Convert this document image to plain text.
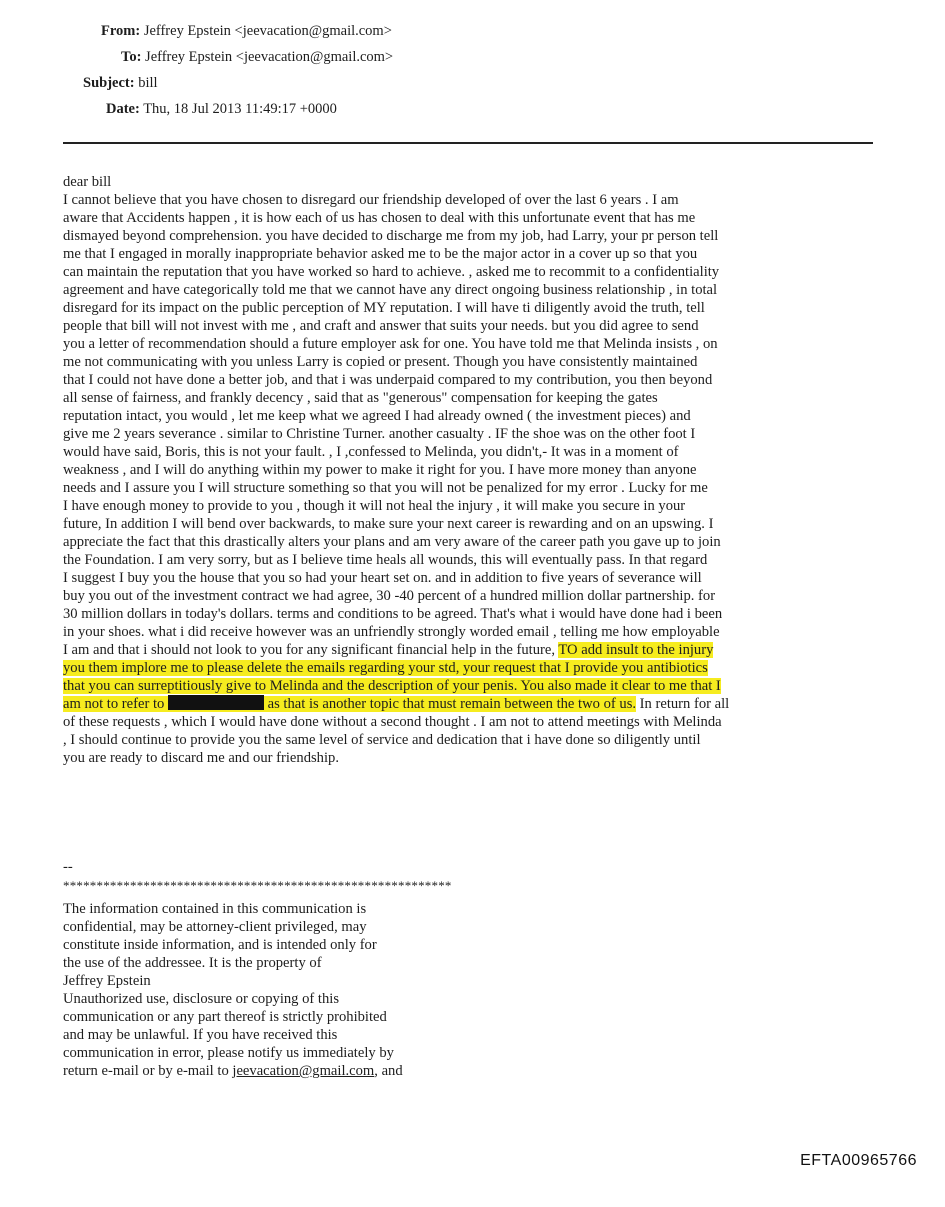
From: Jeffrey Epstein <jeevacation@gmail.com>
To: Jeffrey Epstein <jeevacation@gmail.com>
Subject: bill
Date: Thu, 18 Jul 2013 11:49:17 +0000
dear bill
I cannot believe that you have chosen to disregard our friendship developed of over the last 6 years . I am
aware that Accidents happen , it is how each of us has chosen to deal with this unfortunate event that has me
dismayed beyond comprehension. you have decided to discharge me from my job, had Larry, your pr person tell
me that I engaged in morally inappropriate behavior asked me to be the major actor in a cover up so that you
can maintain the reputation that you have worked so hard to achieve. , asked me to recommit to a confidentiality
agreement and have categorically told me that we cannot have any direct ongoing business relationship , in total
disregard for its impact on the public perception of MY reputation. I will have ti diligently avoid the truth, tell
people that bill will not invest with me , and craft and answer that suits your needs. but you did agree to send
you a letter of recommendation should a future employer ask for one. You have told me that Melinda insists , on
me not communicating with you unless Larry is copied or present. Though you have consistently maintained
that I could not have done a better job, and that i was underpaid compared to my contribution, you then beyond
all sense of fairness, and frankly decency , said that as "generous" compensation for keeping the gates
reputation intact, you would , let me keep what we agreed I had already owned ( the investment pieces) and
give me 2 years severance . similar to Christine Turner. another casualty . IF the shoe was on the other foot I
would have said, Boris, this is not your fault. , I ,confessed to Melinda, you didn't,- It was in a moment of
weakness , and I will do anything within my power to make it right for you. I have more money than anyone
needs and I assure you I will structure something so that you will not be penalized for my error . Lucky for me
I have enough money to provide to you , though it will not heal the injury , it will make you secure in your
future, In addition I will bend over backwards, to make sure your next career is rewarding and on an upswing. I
appreciate the fact that this drastically alters your plans and am very aware of the career path you gave up to join
the Foundation. I am very sorry, but as I believe time heals all wounds, this will eventually pass. In that regard
I suggest I buy you the house that you so had your heart set on. and in addition to five years of severance will
buy you out of the investment contract we had agree, 30 -40 percent of a hundred million dollar partnership. for
30 million dollars in today's dollars. terms and conditions to be agreed. That's what i would have done had i been
in your shoes. what i did receive however was an unfriendly strongly worded email , telling me how employable
I am and that i should not look to you for any significant financial help in the future, TO add insult to the injury
you them implore me to please delete the emails regarding your std, your request that I provide you antibiotics
that you can surreptitiously give to Melinda and the description of your penis. You also made it clear to me that I
am not to refer to	as that is another topic that must remain between the two of us. In return for all
of these requests , which I would have done without a second thought . I am not to attend meetings with Melinda
, I should continue to provide you the same level of service and dedication that i have done so diligently until
you are ready to discard me and our friendship.
--
**********************************************************
The information contained in this communication is
confidential, may be attorney-client privileged, may
constitute inside information, and is intended only for
the use of the addressee. It is the property of
Jeffrey Epstein
Unauthorized use, disclosure or copying of this
communication or any part thereof is strictly prohibited
and may be unlawful. If you have received this
communication in error, please notify us immediately by
return e-mail or by e-mail to jeevacation@gmail.com, and
EFTA00965766
